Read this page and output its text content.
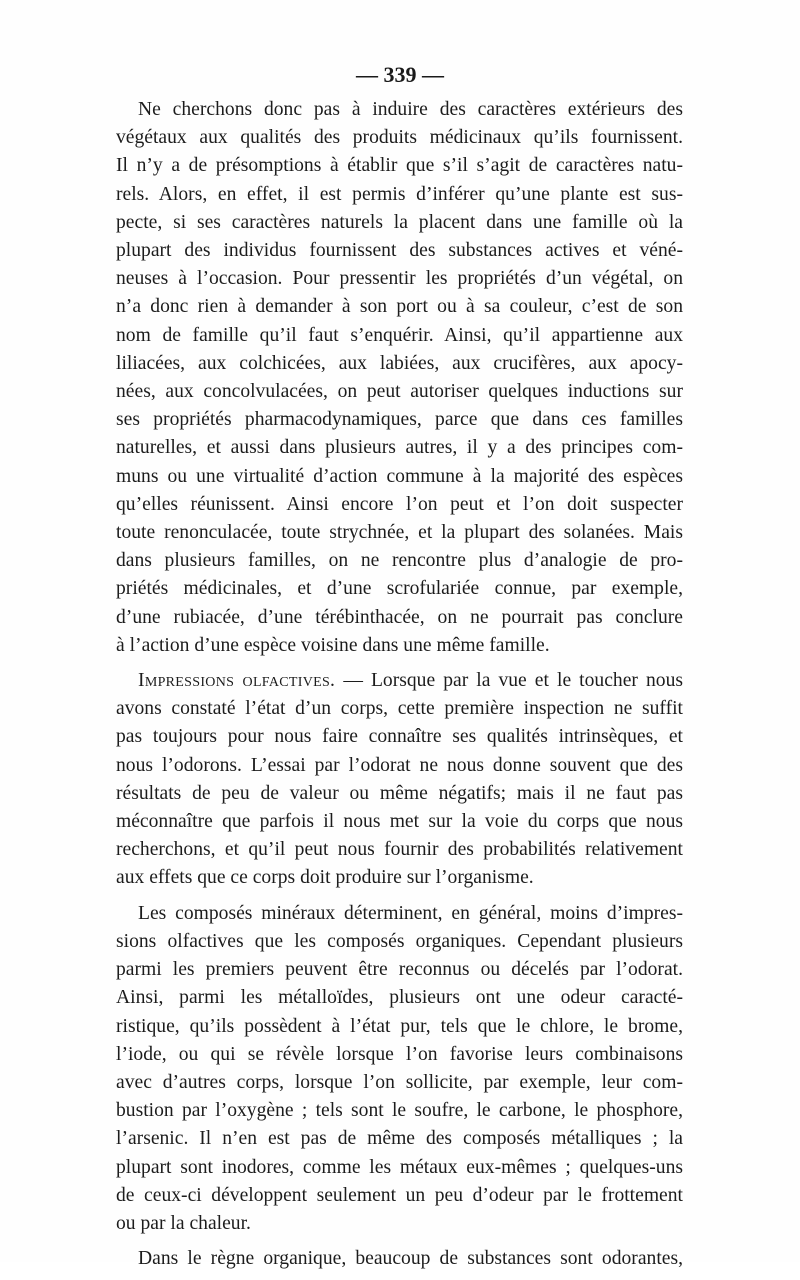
— 339 —
Ne cherchons donc pas à induire des caractères extérieurs des
végétaux aux qualités des produits médicinaux qu’ils fournissent.
Il n’y a de présomptions à établir que s’il s’agit de caractères natu-
rels. Alors, en effet, il est permis d’inférer qu’une plante est sus-
pecte, si ses caractères naturels la placent dans une famille où la
plupart des individus fournissent des substances actives et véné-
neuses à l’occasion. Pour pressentir les propriétés d’un végétal, on
n’a donc rien à demander à son port ou à sa couleur, c’est de son
nom de famille qu’il faut s’enquérir. Ainsi, qu’il appartienne aux
liliacées, aux colchicées, aux labiées, aux crucifères, aux apocy-
nées, aux concolvulacées, on peut autoriser quelques inductions sur
ses propriétés pharmacodynamiques, parce que dans ces familles
naturelles, et aussi dans plusieurs autres, il y a des principes com-
muns ou une virtualité d’action commune à la majorité des espèces
qu’elles réunissent. Ainsi encore l’on peut et l’on doit suspecter
toute renonculacée, toute strychnée, et la plupart des solanées. Mais
dans plusieurs familles, on ne rencontre plus d’analogie de pro-
priétés médicinales, et d’une scrofulariée connue, par exemple,
d’une rubiacée, d’une térébinthacée, on ne pourrait pas conclure
à l’action d’une espèce voisine dans une même famille.
Impressions olfactives. — Lorsque par la vue et le toucher nous
avons constaté l’état d’un corps, cette première inspection ne suffit
pas toujours pour nous faire connaître ses qualités intrinsèques, et
nous l’odorons. L’essai par l’odorat ne nous donne souvent que des
résultats de peu de valeur ou même négatifs; mais il ne faut pas
méconnaître que parfois il nous met sur la voie du corps que nous
recherchons, et qu’il peut nous fournir des probabilités relativement
aux effets que ce corps doit produire sur l’organisme.
Les composés minéraux déterminent, en général, moins d’impres-
sions olfactives que les composés organiques. Cependant plusieurs
parmi les premiers peuvent être reconnus ou décelés par l’odorat.
Ainsi, parmi les métalloïdes, plusieurs ont une odeur caracté-
ristique, qu’ils possèdent à l’état pur, tels que le chlore, le brome,
l’iode, ou qui se révèle lorsque l’on favorise leurs combinaisons
avec d’autres corps, lorsque l’on sollicite, par exemple, leur com-
bustion par l’oxygène ; tels sont le soufre, le carbone, le phosphore,
l’arsenic. Il n’en est pas de même des composés métalliques ; la
plupart sont inodores, comme les métaux eux-mêmes ; quelques-uns
de ceux-ci développent seulement un peu d’odeur par le frottement
ou par la chaleur.
Dans le règne organique, beaucoup de substances sont odorantes,
